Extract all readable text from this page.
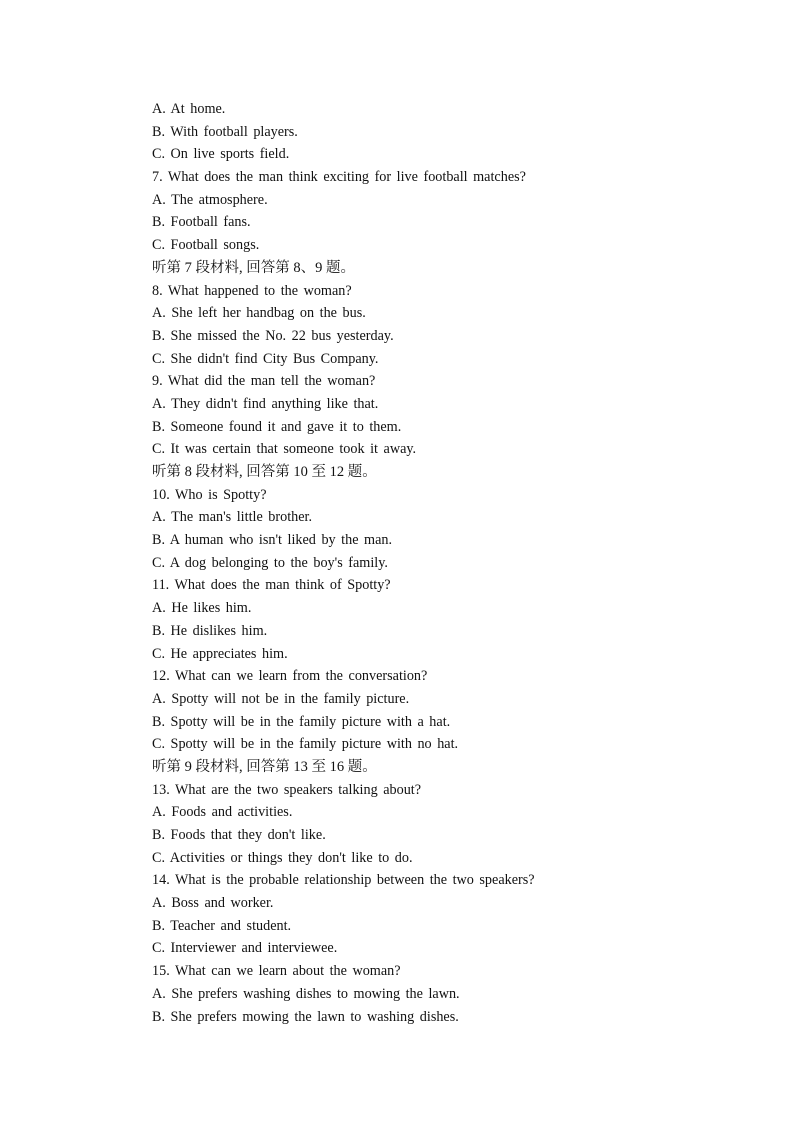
A. At home.
B. With football players.
C. On live sports field.
7. What does the man think exciting for live football matches?
A. The atmosphere.
B. Football fans.
C. Football songs.
听第 7 段材料, 回答第 8、9 题。
8. What happened to the woman?
A. She left her handbag on the bus.
B. She missed the No. 22 bus yesterday.
C. She didn't find City Bus Company.
9. What did the man tell the woman?
A. They didn't find anything like that.
B. Someone found it and gave it to them.
C. It was certain that someone took it away.
听第 8 段材料, 回答第 10 至 12 题。
10. Who is Spotty?
A. The man's little brother.
B. A human who isn't liked by the man.
C. A dog belonging to the boy's family.
11. What does the man think of Spotty?
A. He likes him.
B. He dislikes him.
C. He appreciates him.
12. What can we learn from the conversation?
A. Spotty will not be in the family picture.
B. Spotty will be in the family picture with a hat.
C. Spotty will be in the family picture with no hat.
听第 9 段材料, 回答第 13 至 16 题。
13. What are the two speakers talking about?
A. Foods and activities.
B. Foods that they don't like.
C. Activities or things they don't like to do.
14. What is the probable relationship between the two speakers?
A. Boss and worker.
B. Teacher and student.
C. Interviewer and interviewee.
15. What can we learn about the woman?
A. She prefers washing dishes to mowing the lawn.
B. She prefers mowing the lawn to washing dishes.
